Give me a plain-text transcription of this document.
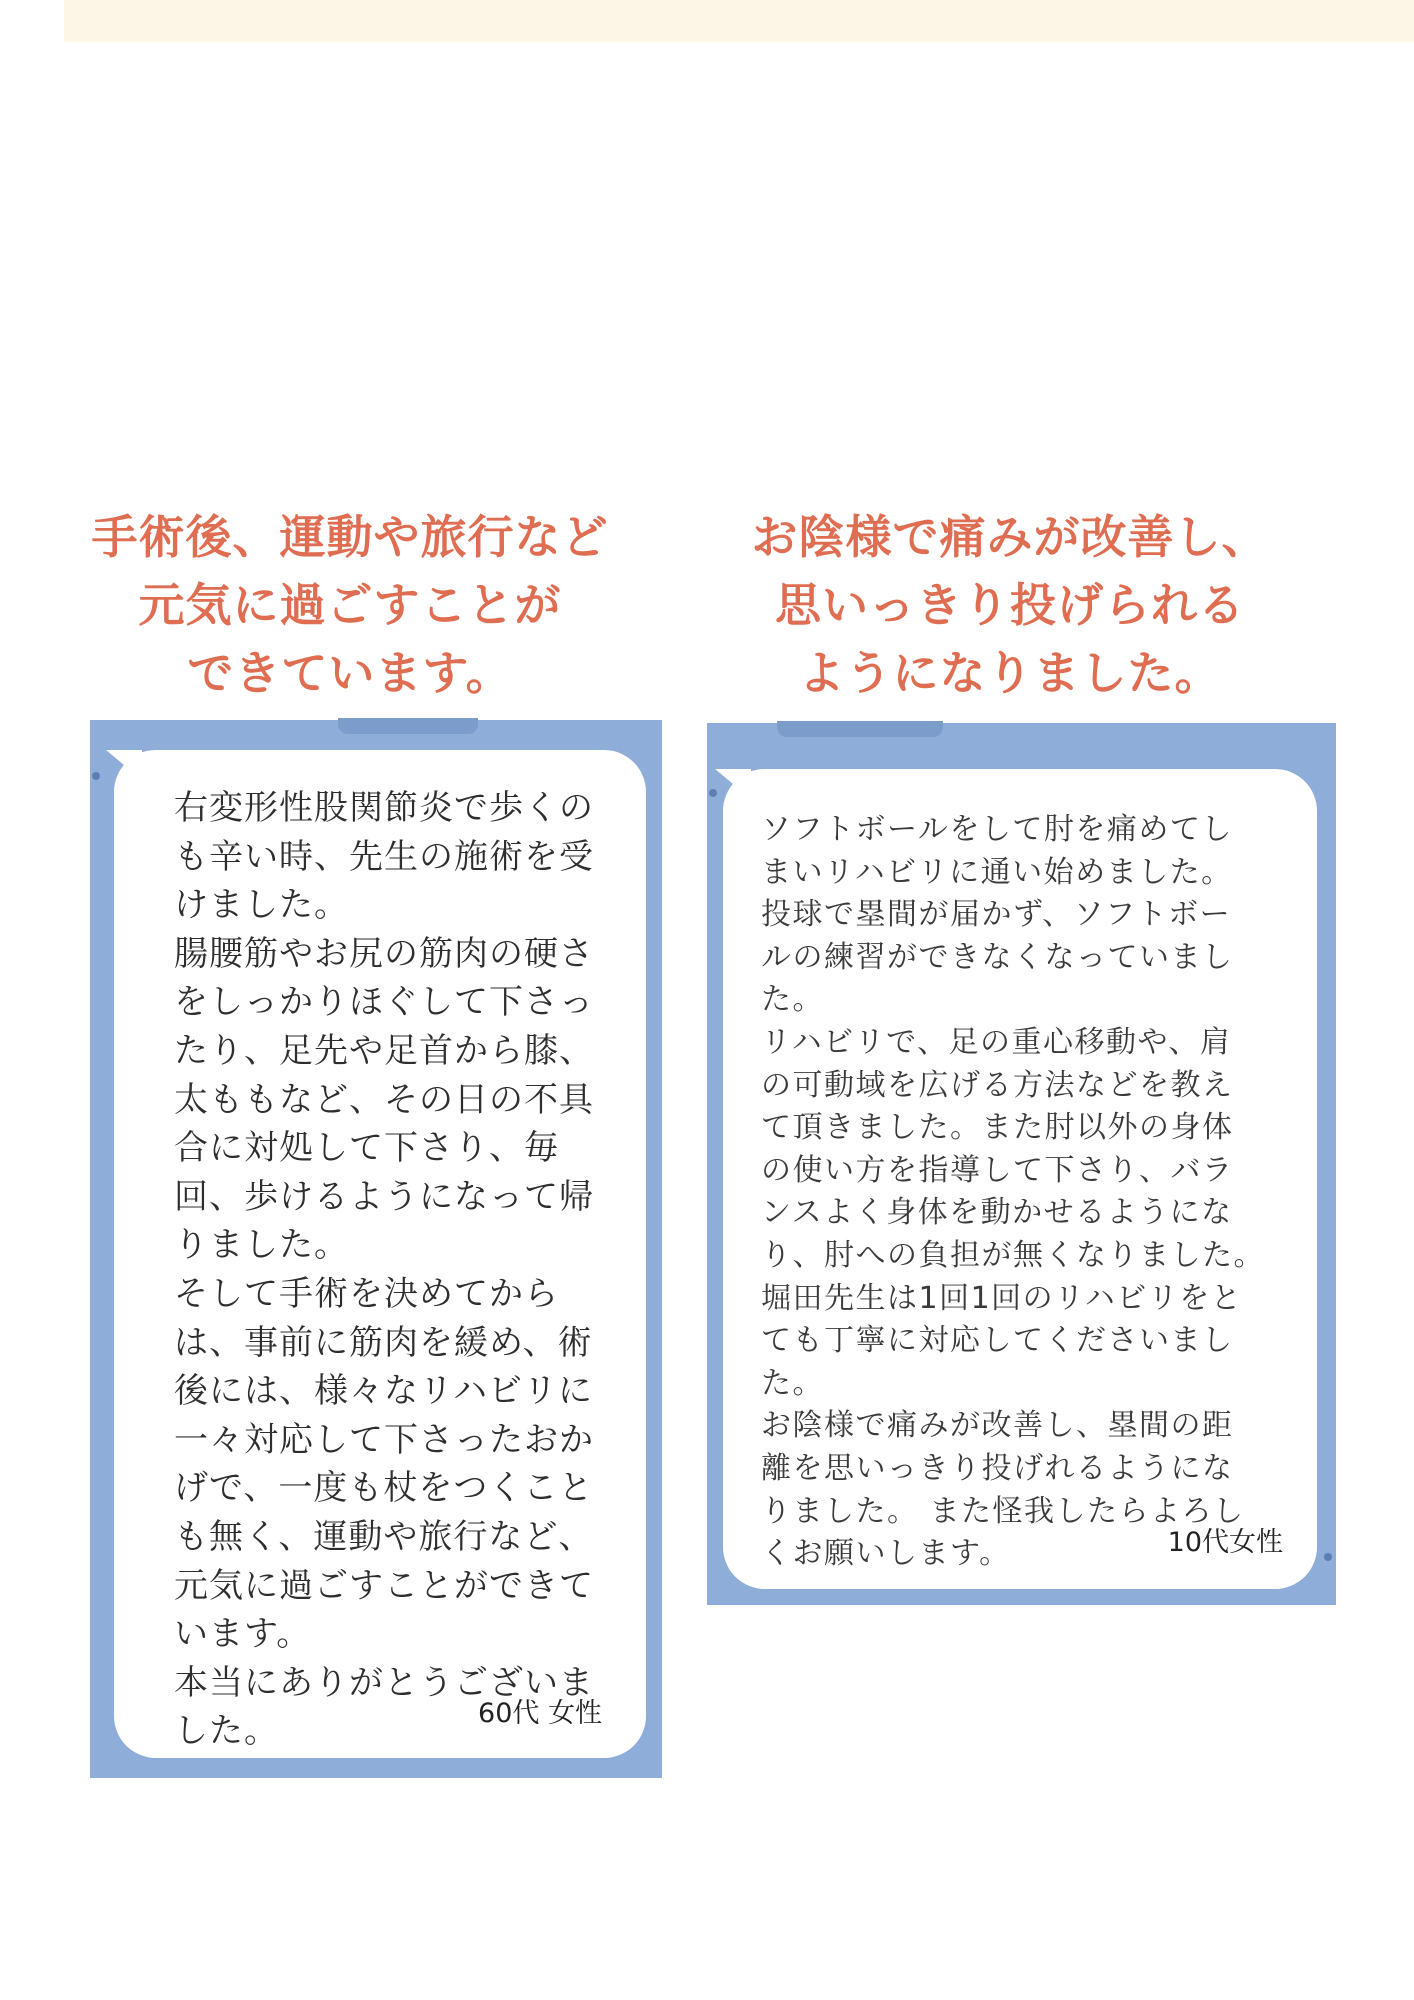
手術後、運動や旅行など
元気に過ごすことが
できています。

右変形性股関節炎で歩くの
も辛い時、先生の施術を受
けました。
腸腰筋やお尻の筋肉の硬さ
をしっかりほぐして下さっ
たり、足先や足首から膝、
太ももなど、その日の不具
合に対処して下さり、毎
回、歩けるようになって帰
りました。
そして手術を決めてから
は、事前に筋肉を緩め、術
後には、様々なリハビリに
一々対応して下さったおか
げで、一度も杖をつくこと
も無く、運動や旅行など、
元気に過ごすことができて
います。
本当にありがとうございま
した。	60代 女性
お陰様で痛みが改善し、
思いっきり投げられる
ようになりました。

ソフトボールをして肘を痛めてし
まいリハビリに通い始めました。
投球で塁間が届かず、ソフトボー
ルの練習ができなくなっていまし
た。
リハビリで、足の重心移動や、肩
の可動域を広げる方法などを教え
て頂きました。また肘以外の身体
の使い方を指導して下さり、バラ
ンスよく身体を動かせるようにな
り、肘への負担が無くなりました。
堀田先生は1回1回のリハビリをと
ても丁寧に対応してくださいまし
た。
お陰様で痛みが改善し、塁間の距
離を思いっきり投げれるようにな
りました。 また怪我したらよろし
くお願いします。	10代女性
